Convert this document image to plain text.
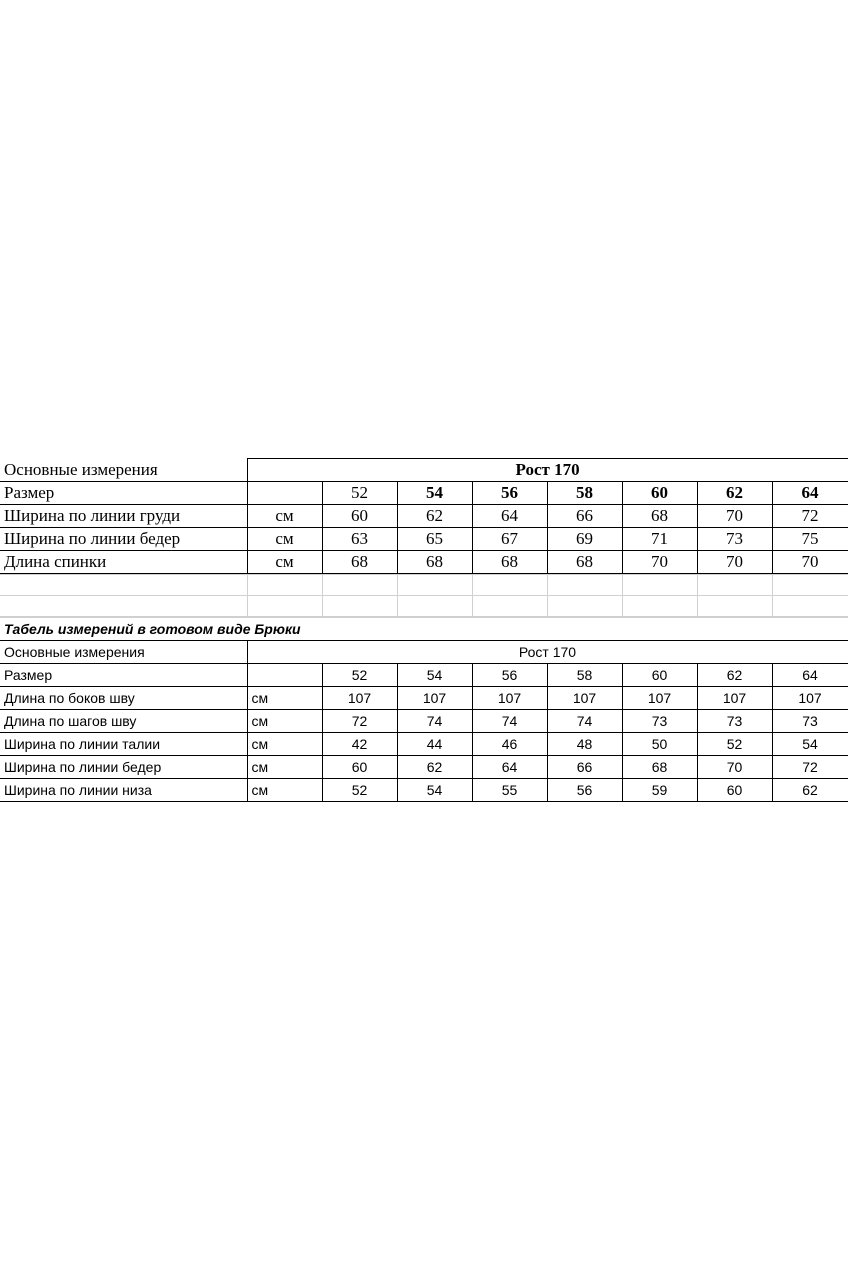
Основные измерения	Рост 170							
Размер		52	54	56	58	60	62	64
Ширина по линии груди	см	60	62	64	66	68	70	72
Ширина по линии бедер	см	63	65	67	69	71	73	75
Длина спинки	см	68	68	68	68	70	70	70

Табель измерений в готовом виде Брюки								
Основные измерения	Рост 170							
Размер		52	54	56	58	60	62	64
Длина по боков шву	см	107	107	107	107	107	107	107
Длина по шагов шву	см	72	74	74	74	73	73	73
Ширина по линии талии	см	42	44	46	48	50	52	54
Ширина по линии бедер	см	60	62	64	66	68	70	72
Ширина по линии низа	см	52	54	55	56	59	60	62
